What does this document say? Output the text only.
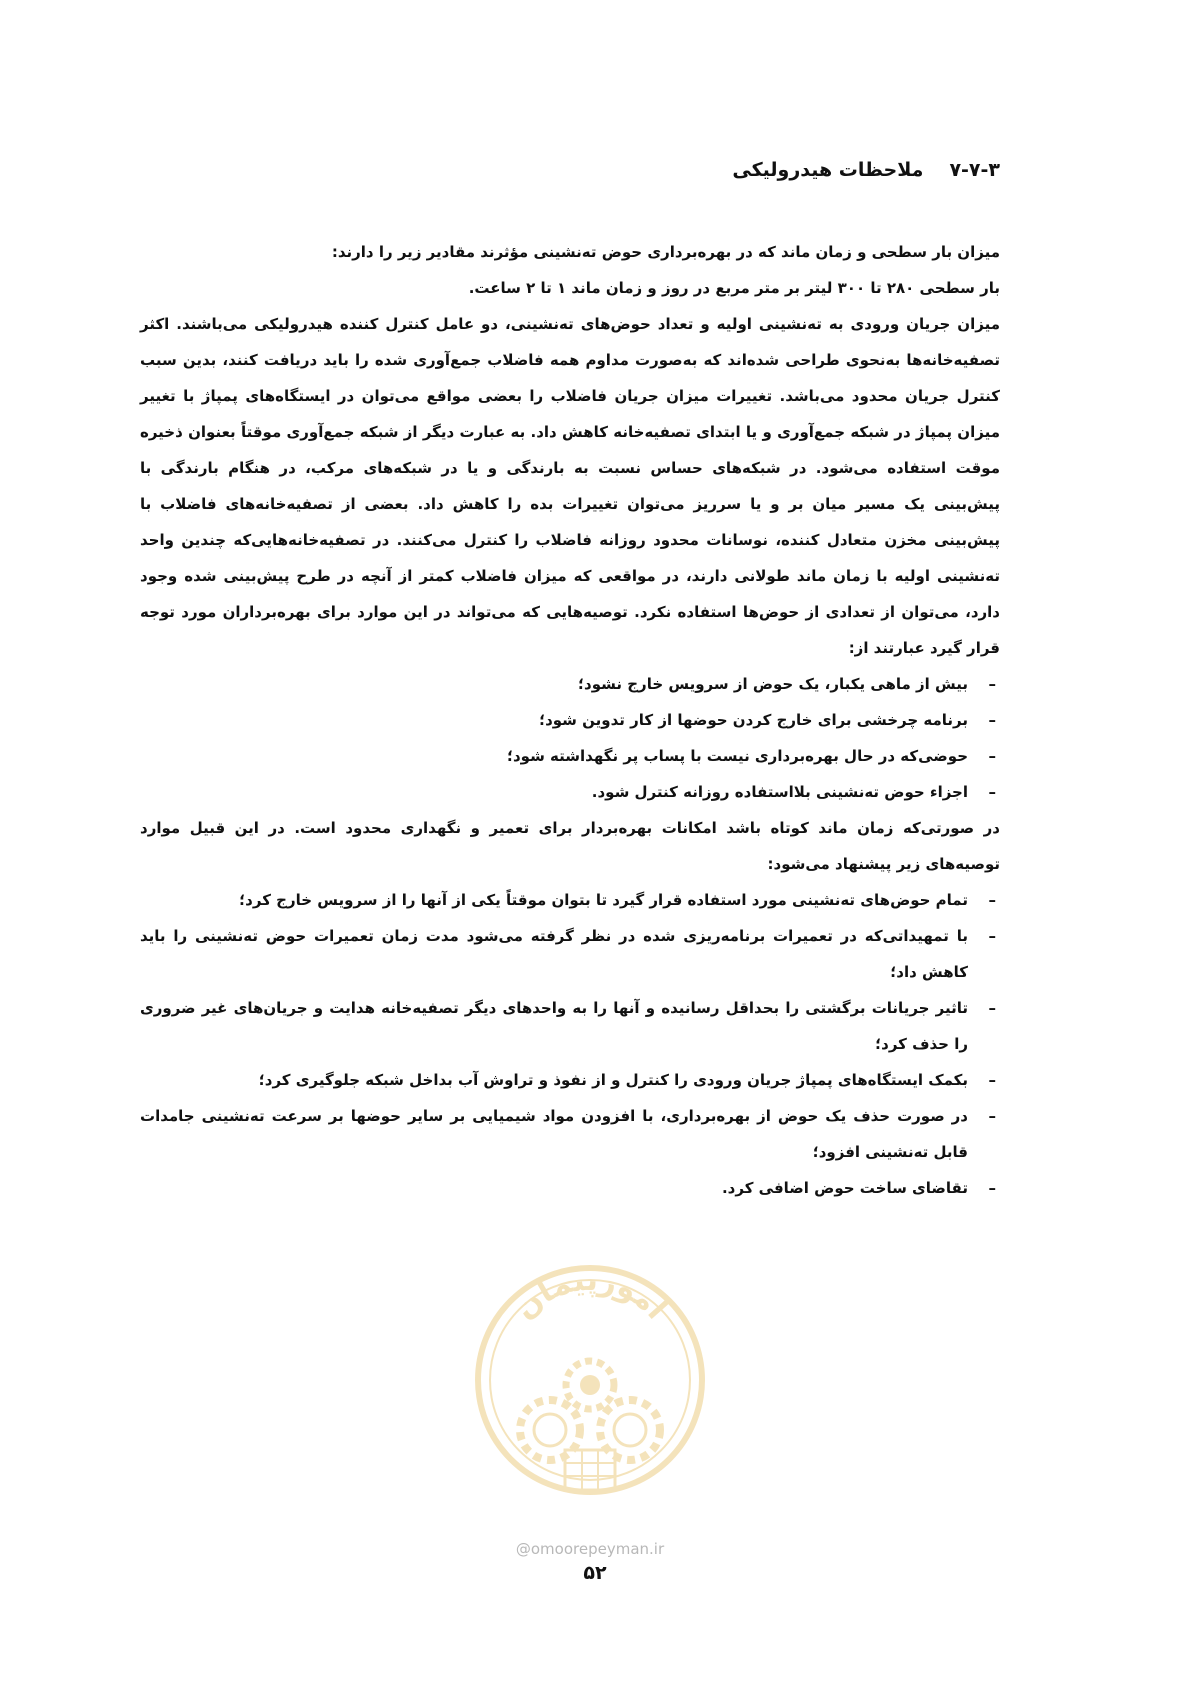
۷-۷-۳ملاحظات هیدرولیکی

میزان بار سطحی و زمان ماند که در بهره‌برداری حوض ته‌نشینی مؤثرند مقادیر زیر را دارند:

بار سطحی ۲۸۰ تا ۳۰۰ لیتر بر متر مربع در روز و زمان ماند ۱ تا ۲ ساعت.

میزان جریان ورودی به ته‌نشینی اولیه و تعداد حوض‌های ته‌نشینی، دو عامل کنترل کننده هیدرولیکی می‌باشند. اکثر تصفیه‌خانه‌ها به‌نحوی طراحی شده‌اند که به‌صورت مداوم همه فاضلاب جمع‌آوری شده را باید دریافت کنند، بدین سبب کنترل جریان محدود می‌باشد. تغییرات میزان جریان فاضلاب را بعضی مواقع می‌توان در ایستگاه‌های پمپاژ با تغییر میزان پمپاژ در شبکه جمع‌آوری و یا ابتدای تصفیه‌خانه کاهش داد. به عبارت دیگر از شبکه جمع‌آوری موقتاً بعنوان ذخیره موقت استفاده می‌شود. در شبکه‌های حساس نسبت به بارندگی و یا در شبکه‌های مرکب، در هنگام بارندگی با پیش‌بینی یک مسیر میان بر و یا سرریز می‌توان تغییرات بده را کاهش داد. بعضی از تصفیه‌خانه‌های فاضلاب با پیش‌بینی مخزن متعادل کننده، نوسانات محدود روزانه فاضلاب را کنترل می‌کنند. در تصفیه‌خانه‌هایی‌که چندین واحد ته‌نشینی اولیه با زمان ماند طولانی دارند، در مواقعی که میزان فاضلاب کمتر از آنچه در طرح پیش‌بینی شده وجود دارد، می‌توان از تعدادی از حوض‌ها استفاده نکرد. توصیه‌هایی که می‌تواند در این موارد برای بهره‌برداران مورد توجه قرار گیرد عبارتند از:

–
بیش از ماهی یکبار، یک حوض از سرویس خارج نشود؛
–
برنامه چرخشی برای خارج کردن حوضها از کار تدوین شود؛
–
حوضی‌که در حال بهره‌برداری نیست با پساب پر نگهداشته شود؛
–
اجزاء حوض ته‌نشینی بلااستفاده روزانه کنترل شود.

در صورتی‌که زمان ماند کوتاه باشد امکانات بهره‌بردار برای تعمیر و نگهداری محدود است. در این قبیل موارد توصیه‌های زیر پیشنهاد می‌شود:

–
تمام حوض‌های ته‌نشینی مورد استفاده قرار گیرد تا بتوان موقتاً یکی از آنها را از سرویس خارج کرد؛
–
با تمهیداتی‌که در تعمیرات برنامه‌ریزی شده در نظر گرفته می‌شود مدت زمان تعمیرات حوض ته‌نشینی را باید کاهش داد؛
–
تاثیر جریانات برگشتی را بحداقل رسانیده و آنها را به واحدهای دیگر تصفیه‌خانه هدایت و جریان‌های غیر ضروری را حذف کرد؛
–
بکمک ایستگاه‌های پمپاژ جریان ورودی را کنترل و از نفوذ و تراوش آب بداخل شبکه جلوگیری کرد؛
–
در صورت حذف یک حوض از بهره‌برداری، با افزودن مواد شیمیایی بر سایر حوضها بر سرعت ته‌نشینی جامدات قابل ته‌نشینی افزود؛
–
تقاضای ساخت حوض اضافی کرد.
امورپیمان
@omoorepeyman.ir
۵۲
